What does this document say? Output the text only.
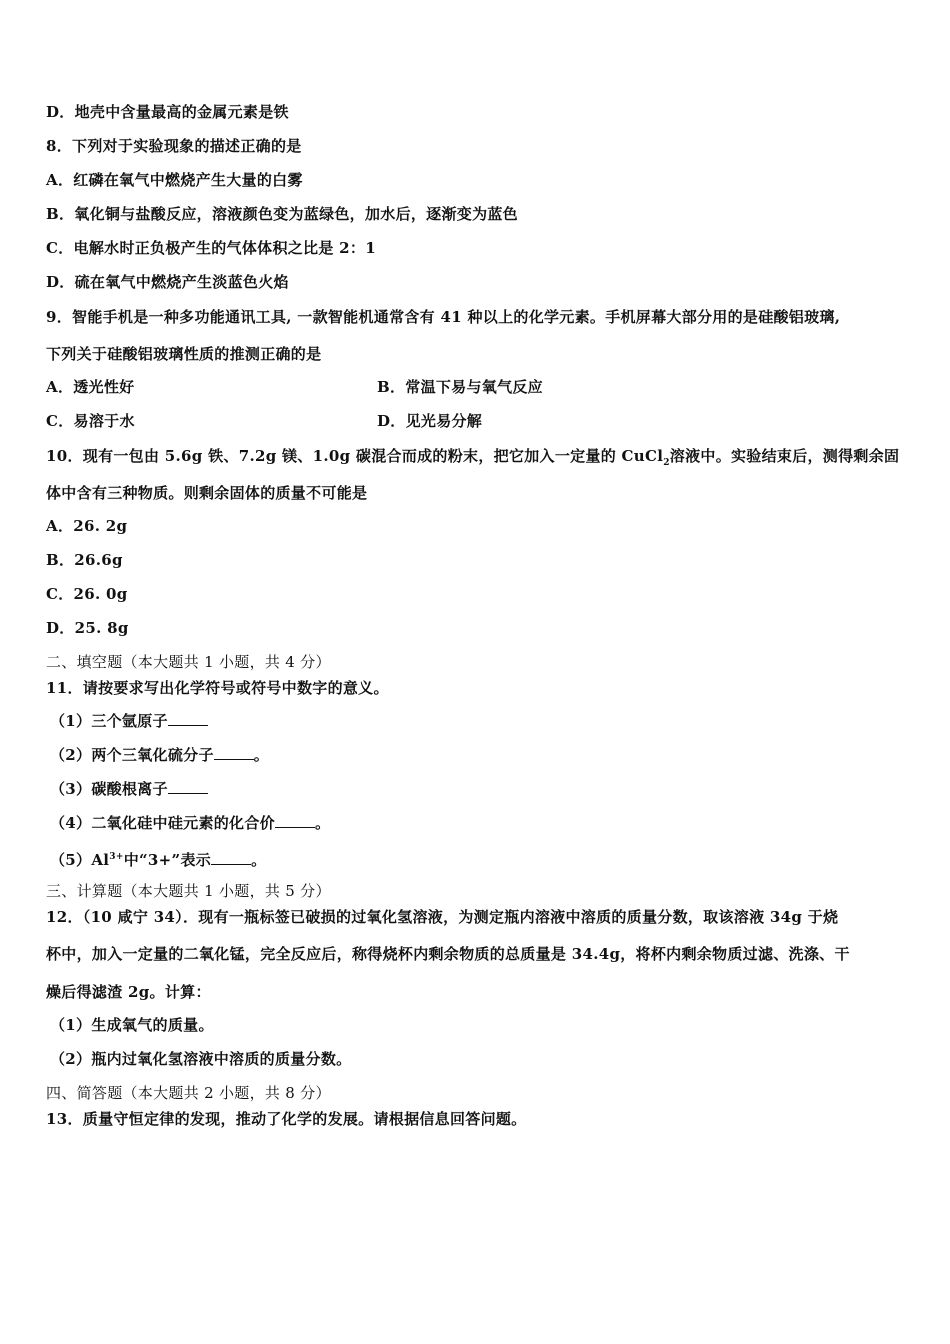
D．地壳中含量最高的金属元素是铁
8．下列对于实验现象的描述正确的是
A．红磷在氧气中燃烧产生大量的白雾
B．氧化铜与盐酸反应，溶液颜色变为蓝绿色，加水后，逐渐变为蓝色
C．电解水时正负极产生的气体体积之比是 2：1
D．硫在氧气中燃烧产生淡蓝色火焰
9．智能手机是一种多功能通讯工具, 一款智能机通常含有 41 种以上的化学元素。手机屏幕大部分用的是硅酸铝玻璃,
下列关于硅酸铝玻璃性质的推测正确的是
A．透光性好	B．常温下易与氧气反应
C．易溶于水	D．见光易分解
10．现有一包由 5.6g 铁、7.2g 镁、1.0g 碳混合而成的粉末，把它加入一定量的 CuCl$_2$溶液中。实验结束后，测得剩余固
体中含有三种物质。则剩余固体的质量不可能是
A．26. 2g
B．26.6g
C．26. 0g
D．25. 8g
二、填空题（本大题共 1 小题，共 4 分）
11．请按要求写出化学符号或符号中数字的意义。
（1）三个氩原子
（2）两个三氧化硫分子	。
（3）碳酸根离子
（4）二氧化硅中硅元素的化合价	。
$(5)Al^{3+}$中“3+”表示	。
三、计算题（本大题共 1 小题，共 5 分）
12．（10 咸宁 34）．现有一瓶标签已破损的过氧化氢溶液，为测定瓶内溶液中溶质的质量分数，取该溶液 34g 于烧
杯中，加入一定量的二氧化锰，完全反应后，称得烧杯内剩余物质的总质量是 34.4g，将杯内剩余物质过滤、洗涤、干
燥后得滤渣 2g。计算：
（1）生成氧气的质量。
（2）瓶内过氧化氢溶液中溶质的质量分数。
四、简答题（本大题共 2 小题，共 8 分）
13．质量守恒定律的发现，推动了化学的发展。请根据信息回答问题。
